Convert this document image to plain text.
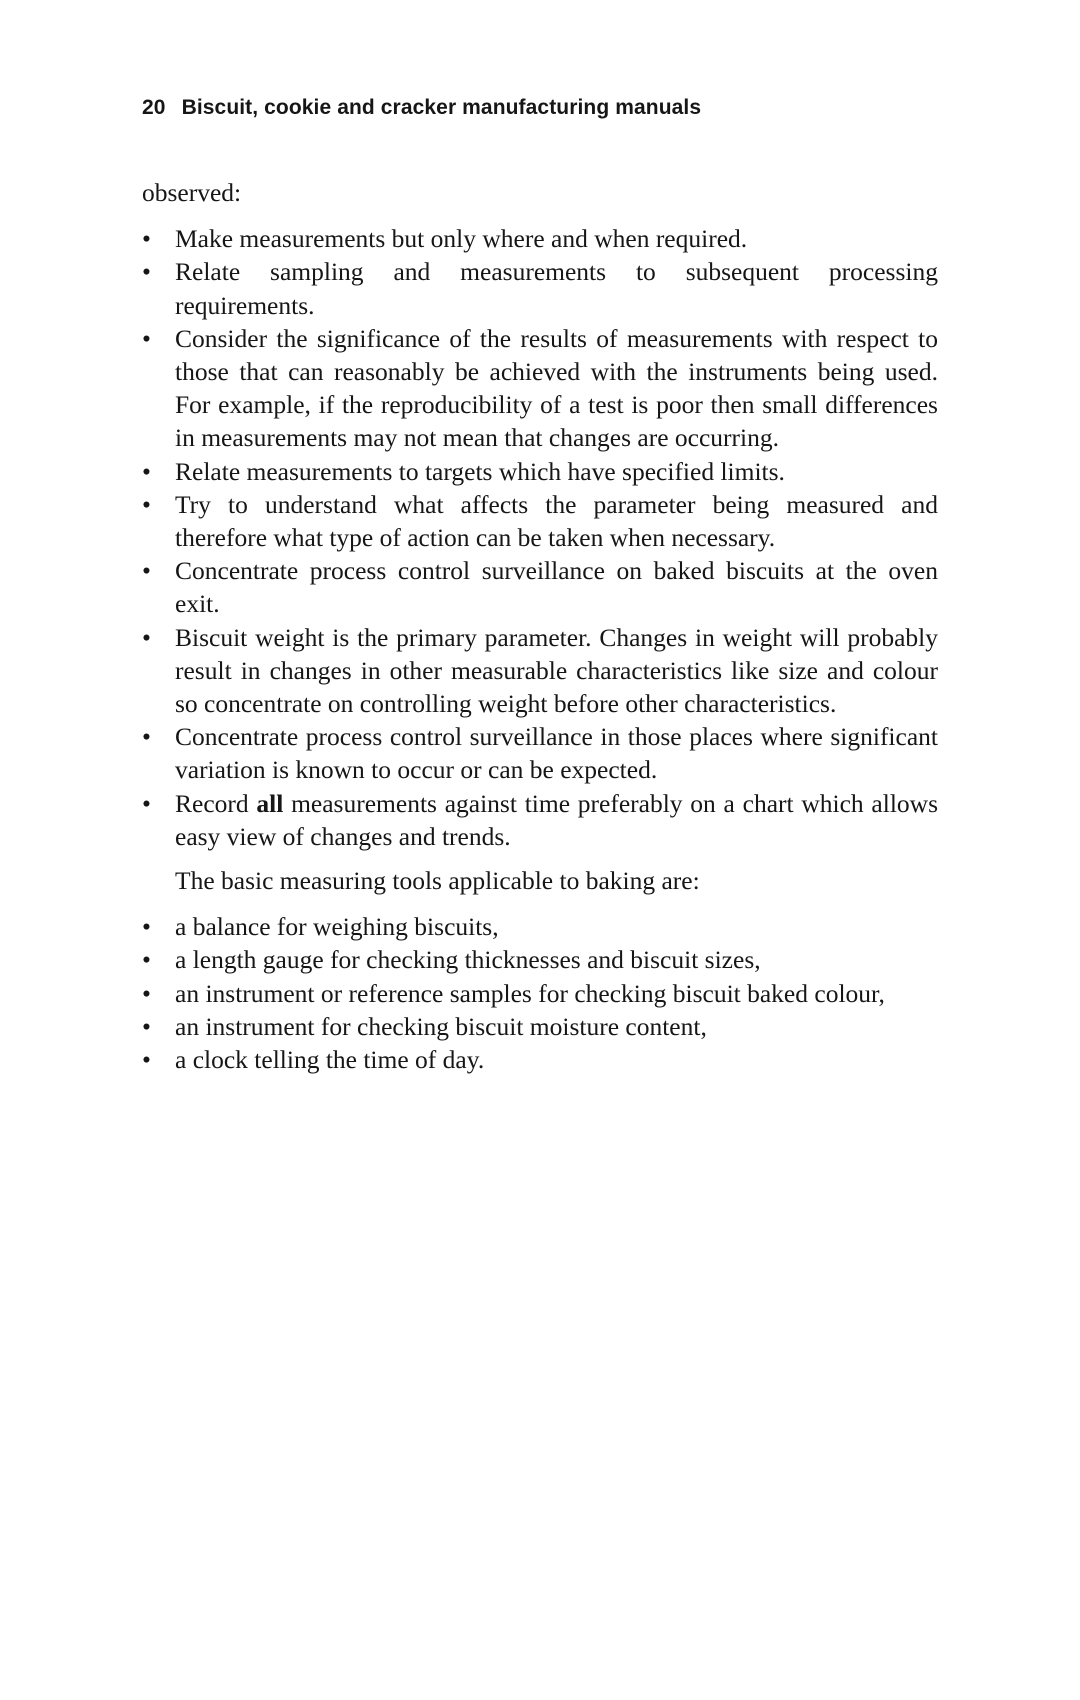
20 Biscuit, cookie and cracker manufacturing manuals

observed:

• Make measurements but only where and when required.
• Relate sampling and measurements to subsequent processing requirements.
• Consider the significance of the results of measurements with respect to those that can reasonably be achieved with the instruments being used. For example, if the reproducibility of a test is poor then small differences in measurements may not mean that changes are occurring.
• Relate measurements to targets which have specified limits.
• Try to understand what affects the parameter being measured and therefore what type of action can be taken when necessary.
• Concentrate process control surveillance on baked biscuits at the oven exit.
• Biscuit weight is the primary parameter. Changes in weight will probably result in changes in other measurable characteristics like size and colour so concentrate on controlling weight before other characteristics.
• Concentrate process control surveillance in those places where significant variation is known to occur or can be expected.
• Record all measurements against time preferably on a chart which allows easy view of changes and trends.

The basic measuring tools applicable to baking are:

• a balance for weighing biscuits,
• a length gauge for checking thicknesses and biscuit sizes,
• an instrument or reference samples for checking biscuit baked colour,
• an instrument for checking biscuit moisture content,
• a clock telling the time of day.
